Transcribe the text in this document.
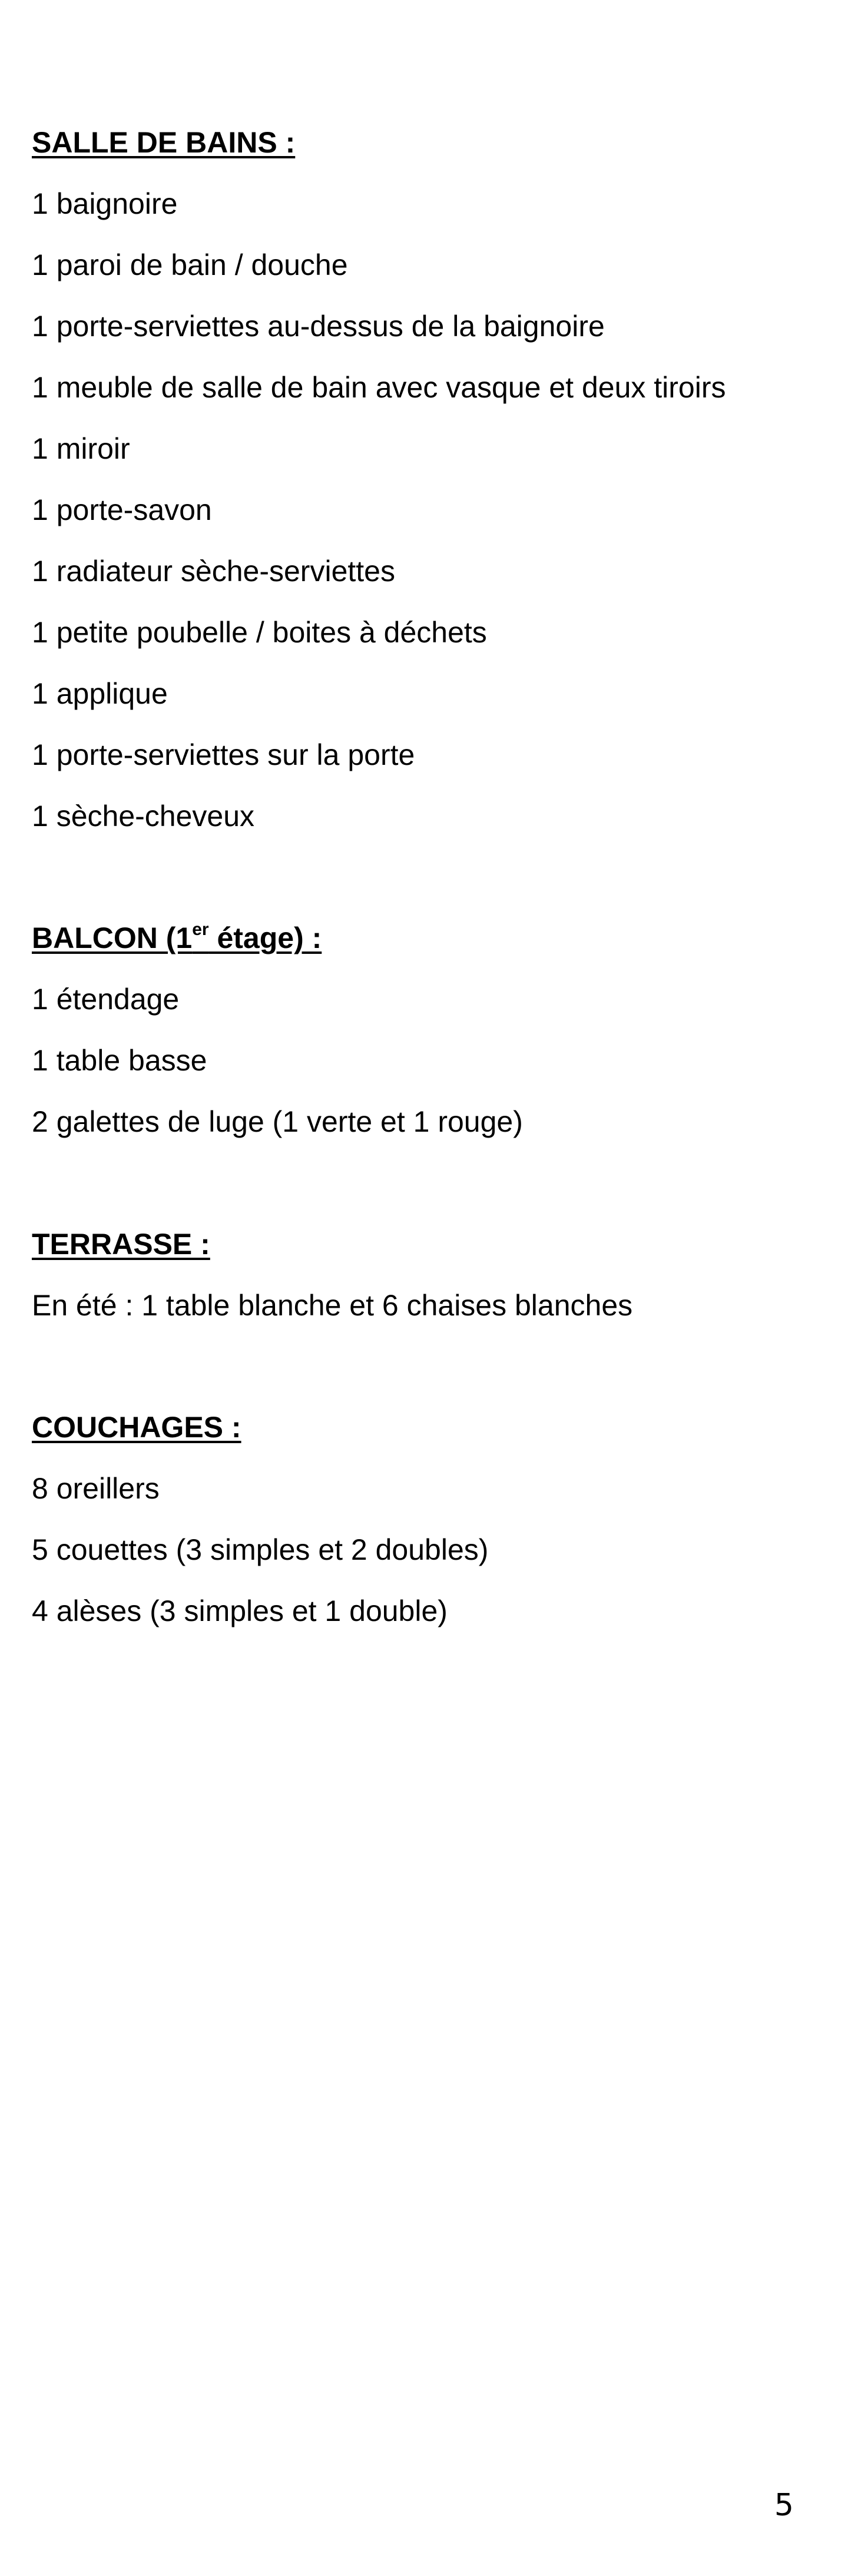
SALLE DE BAINS :
1 baignoire
1 paroi de bain / douche
1 porte-serviettes au-dessus de la baignoire
1 meuble de salle de bain avec vasque et deux tiroirs
1 miroir
1 porte-savon
1 radiateur sèche-serviettes
1 petite poubelle / boites à déchets
1 applique
1 porte-serviettes sur la porte
1 sèche-cheveux
BALCON (1er étage) :
1 étendage
1 table basse
2 galettes de luge (1 verte et 1 rouge)
TERRASSE :
En été : 1 table blanche et 6 chaises blanches
COUCHAGES :
8 oreillers
5 couettes (3 simples et 2 doubles)
4 alèses (3 simples et 1 double)
5
